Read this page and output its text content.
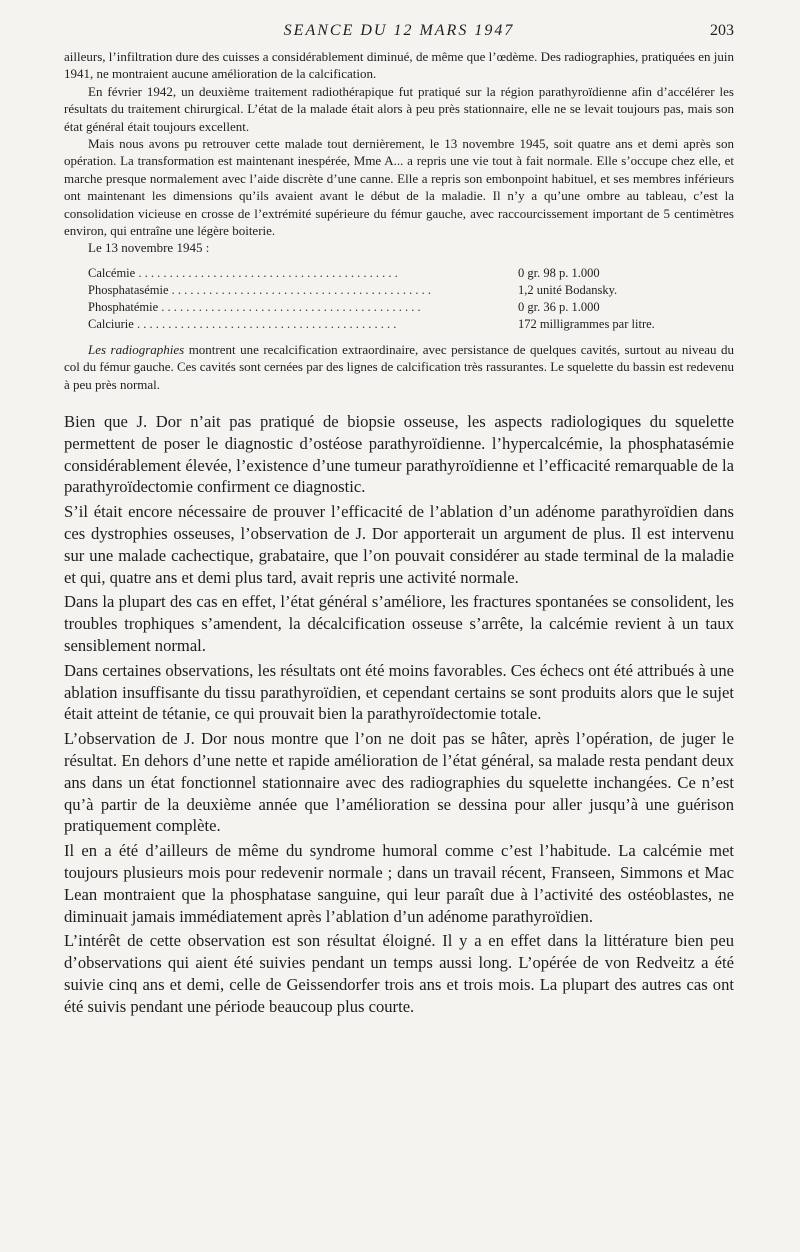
SEANCE DU 12 MARS 1947	203

ailleurs, l’infiltration dure des cuisses a considérablement diminué, de même que l’œdème. Des radiographies, pratiquées en juin 1941, ne montraient aucune amélioration de la calcification.

En février 1942, un deuxième traitement radiothérapique fut pratiqué sur la région parathyroïdienne afin d’accélérer les résultats du traitement chirurgical. L’état de la malade était alors à peu près stationnaire, elle ne se levait toujours pas, mais son état général était toujours excellent.

Mais nous avons pu retrouver cette malade tout dernièrement, le 13 novembre 1945, soit quatre ans et demi après son opération. La transformation est maintenant inespérée, Mme A... a repris une vie tout à fait normale. Elle s’occupe chez elle, et marche presque normalement avec l’aide discrète d’une canne. Elle a repris son embonpoint habituel, et ses membres inférieurs ont maintenant les dimensions qu’ils avaient avant le début de la maladie. Il n’y a qu’une ombre au tableau, c’est la consolidation vicieuse en crosse de l’extrémité supérieure du fémur gauche, avec raccourcissement important de 5 centimètres environ, qui entraîne une légère boiterie.

Le 13 novembre 1945 :

Calcémie . . . . . . . . . . . . . . . . . . . . . . . . . . . . . . . . . . . . . . . . . .	0 gr. 98 p. 1.000
Phosphatasémie . . . . . . . . . . . . . . . . . . . . . . . . . . . . . . . . . . . . . . . . . .	1,2 unité Bodansky.
Phosphatémie . . . . . . . . . . . . . . . . . . . . . . . . . . . . . . . . . . . . . . . . . .	0 gr. 36 p. 1.000
Calciurie . . . . . . . . . . . . . . . . . . . . . . . . . . . . . . . . . . . . . . . . . .	172 milligrammes par litre.

Les radiographies montrent une recalcification extraordinaire, avec persistance de quelques cavités, surtout au niveau du col du fémur gauche. Ces cavités sont cernées par des lignes de calcification très rassurantes. Le squelette du bassin est redevenu à peu près normal.

Bien que J. Dor n’ait pas pratiqué de biopsie osseuse, les aspects radiologiques du squelette permettent de poser le diagnostic d’ostéose parathyroïdienne. l’hypercalcémie, la phosphatasémie considérablement élevée, l’existence d’une tumeur parathyroïdienne et l’efficacité remarquable de la parathyroïdectomie confirment ce diagnostic.

S’il était encore nécessaire de prouver l’efficacité de l’ablation d’un adénome parathyroïdien dans ces dystrophies osseuses, l’observation de J. Dor apporterait un argument de plus. Il est intervenu sur une malade cachectique, grabataire, que l’on pouvait considérer au stade terminal de la maladie et qui, quatre ans et demi plus tard, avait repris une activité normale.

Dans la plupart des cas en effet, l’état général s’améliore, les fractures spontanées se consolident, les troubles trophiques s’amendent, la décalcification osseuse s’arrête, la calcémie revient à un taux sensiblement normal.

Dans certaines observations, les résultats ont été moins favorables. Ces échecs ont été attribués à une ablation insuffisante du tissu parathyroïdien, et cependant certains se sont produits alors que le sujet était atteint de tétanie, ce qui prouvait bien la parathyroïdectomie totale.

L’observation de J. Dor nous montre que l’on ne doit pas se hâter, après l’opération, de juger le résultat. En dehors d’une nette et rapide amélioration de l’état général, sa malade resta pendant deux ans dans un état fonctionnel stationnaire avec des radiographies du squelette inchangées. Ce n’est qu’à partir de la deuxième année que l’amélioration se dessina pour aller jusqu’à une guérison pratiquement complète.

Il en a été d’ailleurs de même du syndrome humoral comme c’est l’habitude. La calcémie met toujours plusieurs mois pour redevenir normale ; dans un travail récent, Franseen, Simmons et Mac Lean montraient que la phosphatase sanguine, qui leur paraît due à l’activité des ostéoblastes, ne diminuait jamais immédiatement après l’ablation d’un adénome parathyroïdien.

L’intérêt de cette observation est son résultat éloigné. Il y a en effet dans la littérature bien peu d’observations qui aient été suivies pendant un temps aussi long. L’opérée de von Redveitz a été suivie cinq ans et demi, celle de Geissendorfer trois ans et trois mois. La plupart des autres cas ont été suivis pendant une période beaucoup plus courte.
